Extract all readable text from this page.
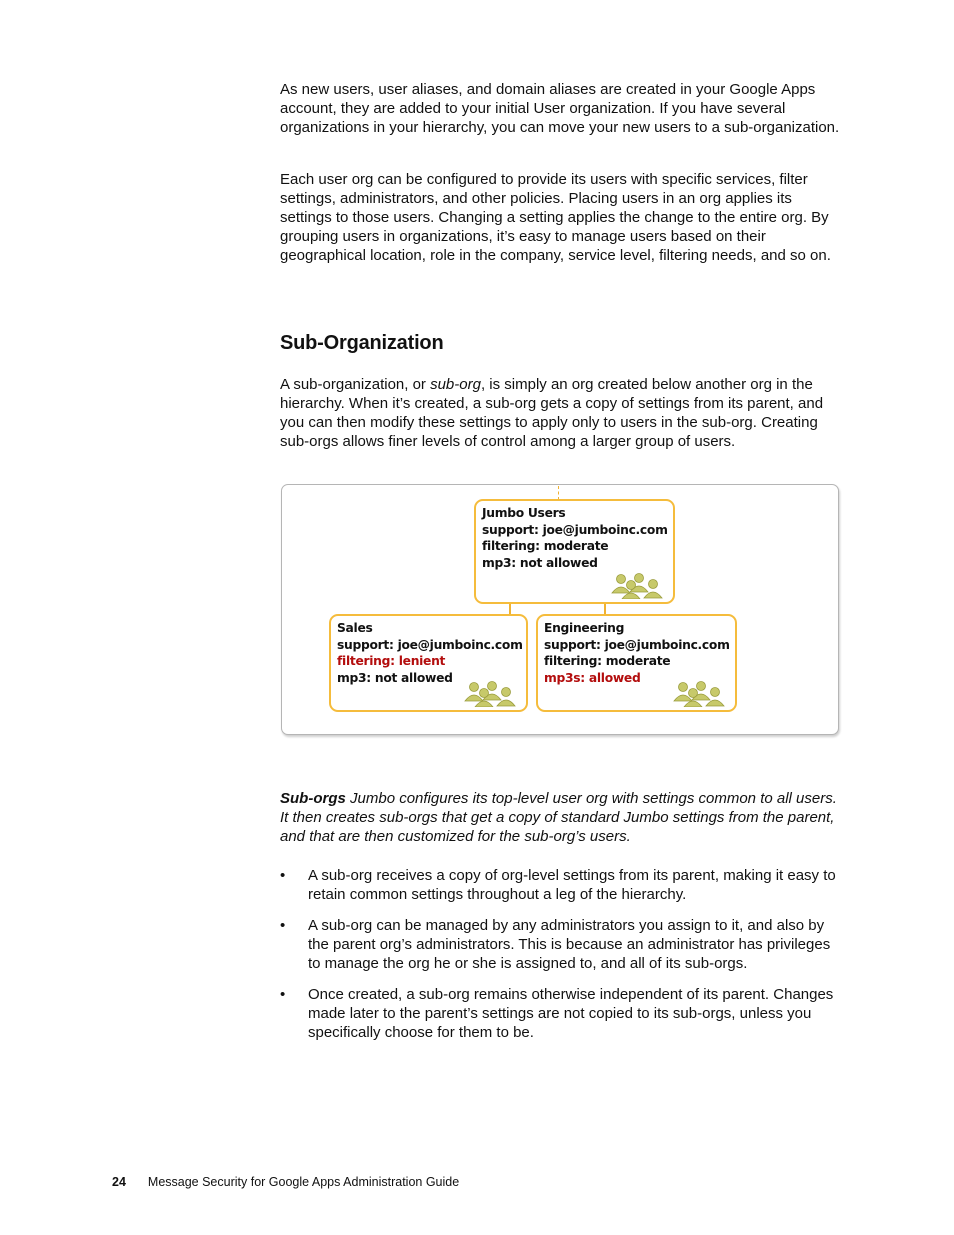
As new users, user aliases, and domain aliases are created in your Google Apps account, they are added to your initial User organization. If you have several organizations in your hierarchy, you can move your new users to a sub-organization.

Each user org can be configured to provide its users with specific services, filter settings, administrators, and other policies. Placing users in an org applies its settings to those users. Changing a setting applies the change to the entire org. By grouping users in organizations, it’s easy to manage users based on their geographical location, role in the company, service level, filtering needs, and so on.

Sub-Organization

A sub-organization, or sub-org, is simply an org created below another org in the hierarchy. When it’s created, a sub-org gets a copy of settings from its parent, and you can then modify these settings to apply only to users in the sub-org. Creating sub-orgs allows finer levels of control among a larger group of users.

Jumbo Users
support: joe@jumboinc.com
filtering: moderate
mp3: not allowed
Sales
support: joe@jumboinc.com
filtering: lenient
mp3: not allowed
Engineering
support: joe@jumboinc.com
filtering: moderate
mp3s: allowed

Sub-orgs Jumbo configures its top-level user org with settings common to all users. It then creates sub-orgs that get a copy of standard Jumbo settings from the parent, and that are then customized for the sub-org’s users.

• A sub-org receives a copy of org-level settings from its parent, making it easy to retain common settings throughout a leg of the hierarchy.
• A sub-org can be managed by any administrators you assign to it, and also by the parent org’s administrators. This is because an administrator has privileges to manage the org he or she is assigned to, and all of its sub-orgs.
• Once created, a sub-org remains otherwise independent of its parent. Changes made later to the parent’s settings are not copied to its sub-orgs, unless you specifically choose for them to be.
24 Message Security for Google Apps Administration Guide
